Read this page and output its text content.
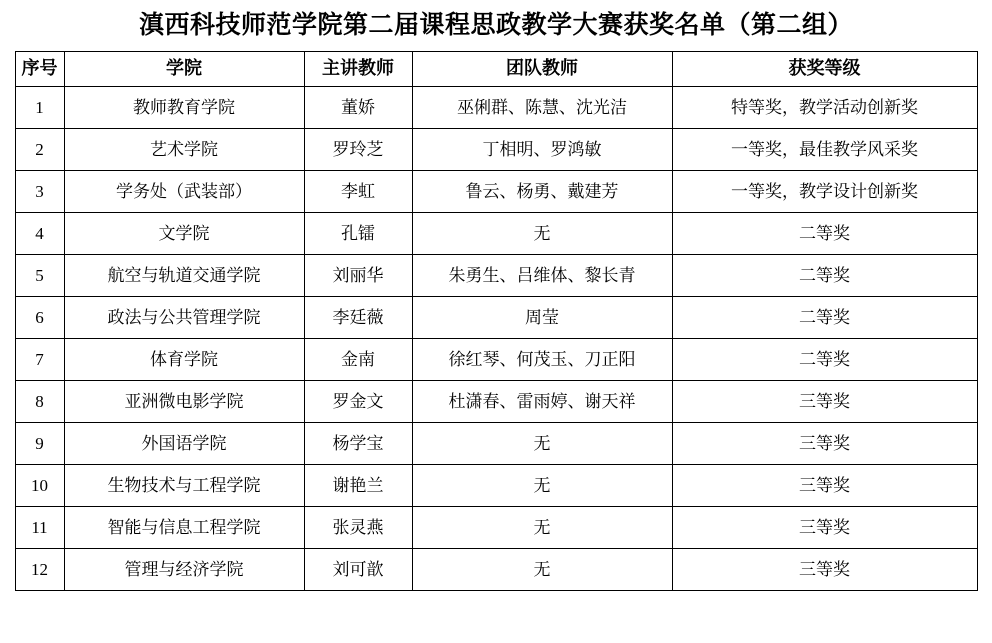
滇西科技师范学院第二届课程思政教学大赛获奖名单（第二组）
序号	学院	主讲教师	团队教师	获奖等级
1	教师教育学院	董娇	巫俐群、陈慧、沈光洁	特等奖，教学活动创新奖
2	艺术学院	罗玲芝	丁相明、罗鸿敏	一等奖，最佳教学风采奖
3	学务处（武装部）	李虹	鲁云、杨勇、戴建芳	一等奖，教学设计创新奖
4	文学院	孔镭	无	二等奖
5	航空与轨道交通学院	刘丽华	朱勇生、吕维体、黎长青	二等奖
6	政法与公共管理学院	李廷薇	周莹	二等奖
7	体育学院	金南	徐红琴、何茂玉、刀正阳	二等奖
8	亚洲微电影学院	罗金文	杜潇春、雷雨婷、谢天祥	三等奖
9	外国语学院	杨学宝	无	三等奖
10	生物技术与工程学院	谢艳兰	无	三等奖
11	智能与信息工程学院	张灵燕	无	三等奖
12	管理与经济学院	刘可歆	无	三等奖
